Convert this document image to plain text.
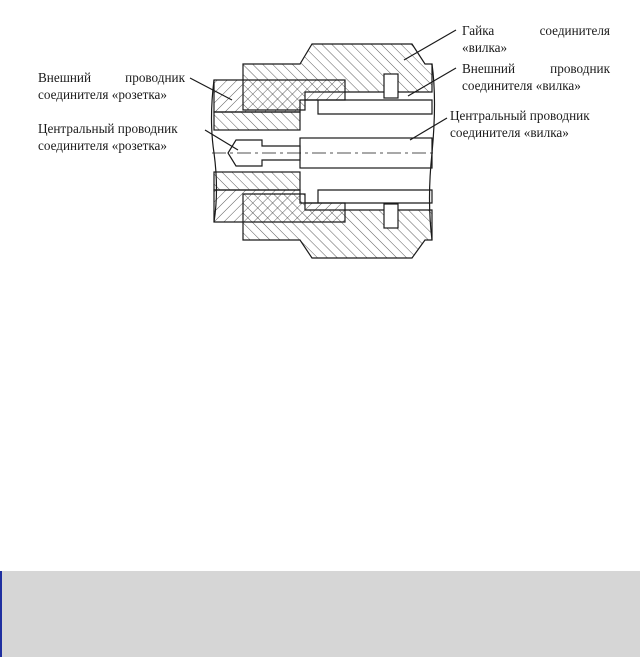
Гайка	соединителя
«вилка»
Внешний	проводник
соединителя «вилка»
Центральный проводник
соединителя «вилка»
Внешний	проводник
соединителя «розетка»
Центральный проводник
соединителя «розетка»
